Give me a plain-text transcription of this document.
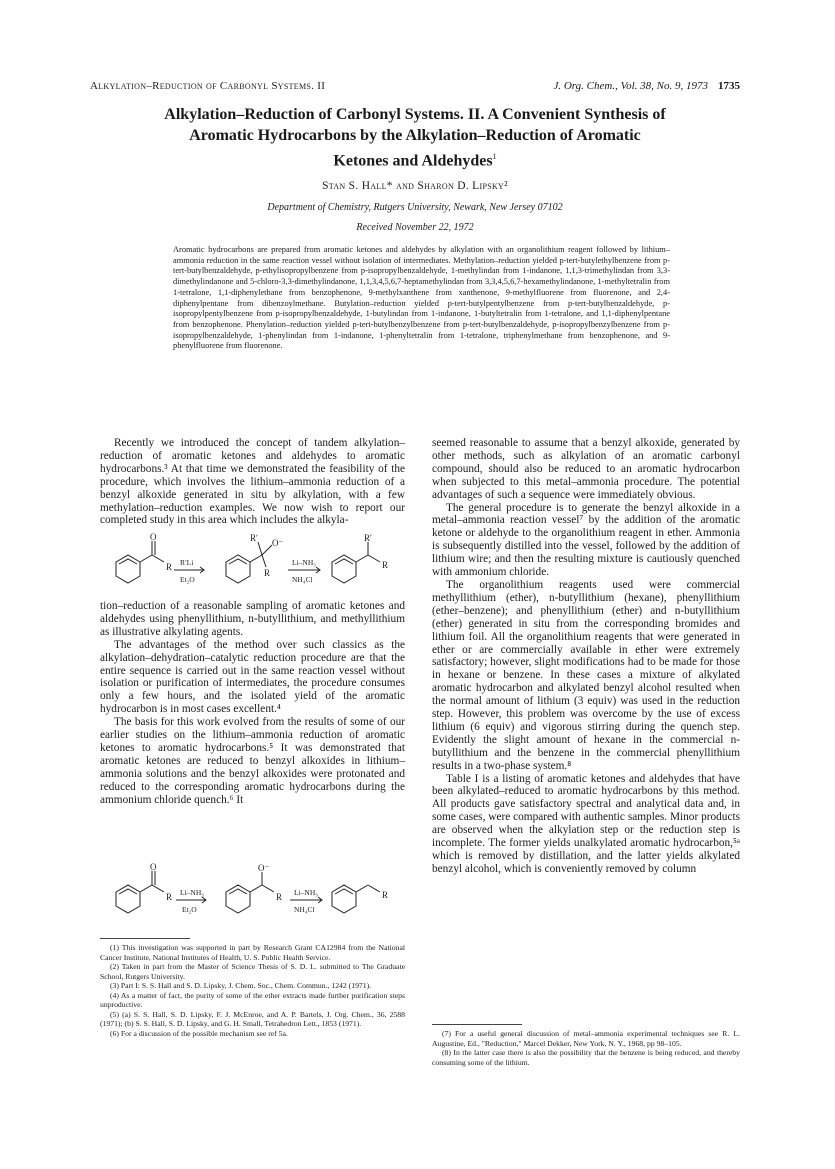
Alkylation–Reduction of Carbonyl Systems. II	J. Org. Chem., Vol. 38, No. 9, 1973 1735
Alkylation–Reduction of Carbonyl Systems. II. A Convenient Synthesis of
Aromatic Hydrocarbons by the Alkylation–Reduction of Aromatic
Ketones and Aldehydes$^1$
Stan S. Hall* and Sharon D. Lipsky²
Department of Chemistry, Rutgers University, Newark, New Jersey 07102
Received November 22, 1972
Aromatic hydrocarbons are prepared from aromatic ketones and aldehydes by alkylation with an organolithium reagent followed by lithium–ammonia reduction in the same reaction vessel without isolation of intermediates. Methylation–reduction yielded p-tert-butylethylbenzene from p-tert-butylbenzaldehyde, p-ethylisopropylbenzene from p-isopropylbenzaldehyde, 1-methylindan from 1-indanone, 1,1,3-trimethylindan from 3,3-dimethylindanone and 5-chloro-3,3-dimethylindanone, 1,1,3,4,5,6,7-heptamethylindan from 3,3,4,5,6,7-hexamethylindanone, 1-methyltetralin from 1-tetralone, 1,1-diphenylethane from benzophenone, 9-methylxanthene from xanthenone, 9-methylfluorene from fluorenone, and 2,4-diphenylpentane from dibenzoylmethane. Butylation–reduction yielded p-tert-butylpentylbenzene from p-tert-butylbenzaldehyde, p-isopropylpentylbenzene from p-isopropylbenzaldehyde, 1-butylindan from 1-indanone, 1-butyltetralin from 1-tetralone, and 1,1-diphenylpentane from benzophenone. Phenylation–reduction yielded p-tert-butylbenzylbenzene from p-tert-butylbenzaldehyde, p-isopropylbenzylbenzene from p-isopropylbenzaldehyde, 1-phenylindan from 1-indanone, 1-phenyltetralin from 1-tetralone, triphenylmethane from benzophenone, and 9-phenylfluorene from fluorenone.

Recently we introduced the concept of tandem alkylation–reduction of aromatic ketones and aldehydes to aromatic hydrocarbons.³ At that time we demonstrated the feasibility of the procedure, which involves the lithium–ammonia reduction of a benzyl alkoxide generated in situ by alkylation, with a few methylation–reduction examples. We now wish to report our completed study in this area which includes the alkyla-

O
R R′Li
Et₂O
R′ O⁻
R
Li–NH₃
NH₄Cl
R′
R

tion–reduction of a reasonable sampling of aromatic ketones and aldehydes using phenyllithium, n-butyllithium, and methyllithium as illustrative alkylating agents.

The advantages of the method over such classics as the alkylation–dehydration–catalytic reduction procedure are that the entire sequence is carried out in the same reaction vessel without isolation or purification of intermediates, the procedure consumes only a few hours, and the isolated yield of the aromatic hydrocarbon is in most cases excellent.⁴

The basis for this work evolved from the results of some of our earlier studies on the lithium–ammonia reduction of aromatic ketones to aromatic hydrocarbons.⁵ It was demonstrated that aromatic ketones are reduced to benzyl alkoxides in lithium–ammonia solutions and the benzyl alkoxides were protonated and reduced to the corresponding aromatic hydrocarbons during the ammonium chloride quench.⁶ It

O
R Li–NH₃
Et₂O
O⁻
R Li–NH₃
NH₄Cl
R

(1) This investigation was supported in part by Research Grant CA12984 from the National Cancer Institute, National Institutes of Health, U. S. Public Health Service.

(2) Taken in part from the Master of Science Thesis of S. D. L. submitted to The Graduate School, Rutgers University.

(3) Part I: S. S. Hall and S. D. Lipsky, J. Chem. Soc., Chem. Commun., 1242 (1971).

(4) As a matter of fact, the purity of some of the ether extracts made further purification steps unproductive.

(5) (a) S. S. Hall, S. D. Lipsky, F. J. McEnroe, and A. P. Bartels, J. Org. Chem., 36, 2588 (1971); (b) S. S. Hall, S. D. Lipsky, and G. H. Small, Tetrahedron Lett., 1853 (1971).

(6) For a discussion of the possible mechanism see ref 5a.

seemed reasonable to assume that a benzyl alkoxide, generated by other methods, such as alkylation of an aromatic carbonyl compound, should also be reduced to an aromatic hydrocarbon when subjected to this metal–ammonia procedure. The potential advantages of such a sequence were immediately obvious.

The general procedure is to generate the benzyl alkoxide in a metal–ammonia reaction vessel⁷ by the addition of the aromatic ketone or aldehyde to the organolithium reagent in ether. Ammonia is subsequently distilled into the vessel, followed by the addition of lithium wire; and then the resulting mixture is cautiously quenched with ammonium chloride.

The organolithium reagents used were commercial methyllithium (ether), n-butyllithium (hexane), phenyllithium (ether–benzene); and phenyllithium (ether) and n-butyllithium (ether) generated in situ from the corresponding bromides and lithium foil. All the organolithium reagents that were generated in ether or are commercially available in ether were extremely satisfactory; however, slight modifications had to be made for those in hexane or benzene. In these cases a mixture of alkylated aromatic hydrocarbon and alkylated benzyl alcohol resulted when the normal amount of lithium (3 equiv) was used in the reduction step. However, this problem was overcome by the use of excess lithium (6 equiv) and vigorous stirring during the quench step. Evidently the slight amount of hexane in the commercial n-butyllithium and the benzene in the commercial phenyllithium results in a two-phase system.⁸

Table I is a listing of aromatic ketones and aldehydes that have been alkylated–reduced to aromatic hydrocarbons by this method. All products gave satisfactory spectral and analytical data and, in some cases, were compared with authentic samples. Minor products are observed when the alkylation step or the reduction step is incomplete. The former yields unalkylated aromatic hydrocarbon,⁵ᵃ which is removed by distillation, and the latter yields alkylated benzyl alcohol, which is conveniently removed by column

(7) For a useful general discussion of metal–ammonia experimental techniques see R. L. Augustine, Ed., "Reduction," Marcel Dekker, New York, N. Y., 1968, pp 98–105.

(8) In the latter case there is also the possibility that the benzene is being reduced, and thereby consuming some of the lithium.
